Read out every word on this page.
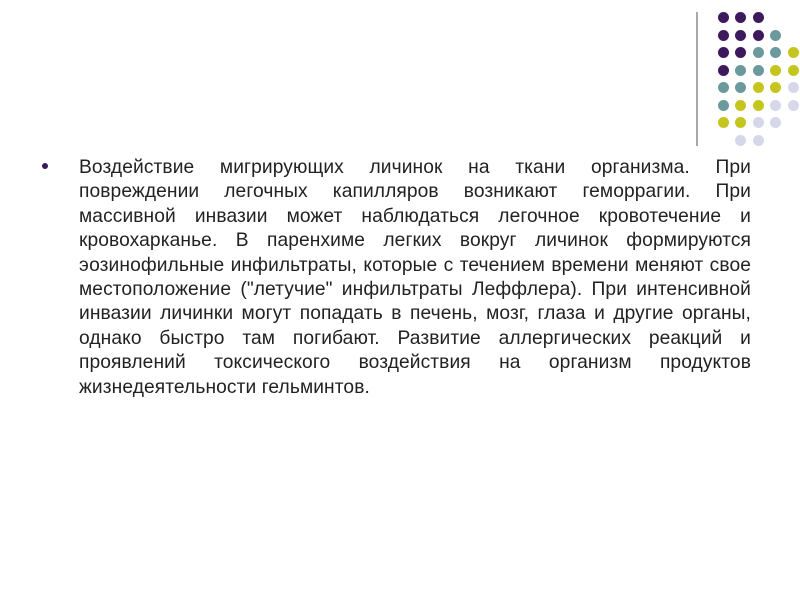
Воздействие мигрирующих личинок на ткани организма. При повреждении легочных капилляров возникают геморрагии. При массивной инвазии может наблюдаться легочное кровотечение и кровохарканье. В паренхиме легких вокруг личинок формируются эозинофильные инфильтраты, которые с течением времени меняют свое местоположение ("летучие" инфильтраты Леффлера). При интенсивной инвазии личинки могут попадать в печень, мозг, глаза и другие органы, однако быстро там погибают. Развитие аллергических реакций и проявлений токсического воздействия на организм продуктов жизнедеятельности гельминтов.
